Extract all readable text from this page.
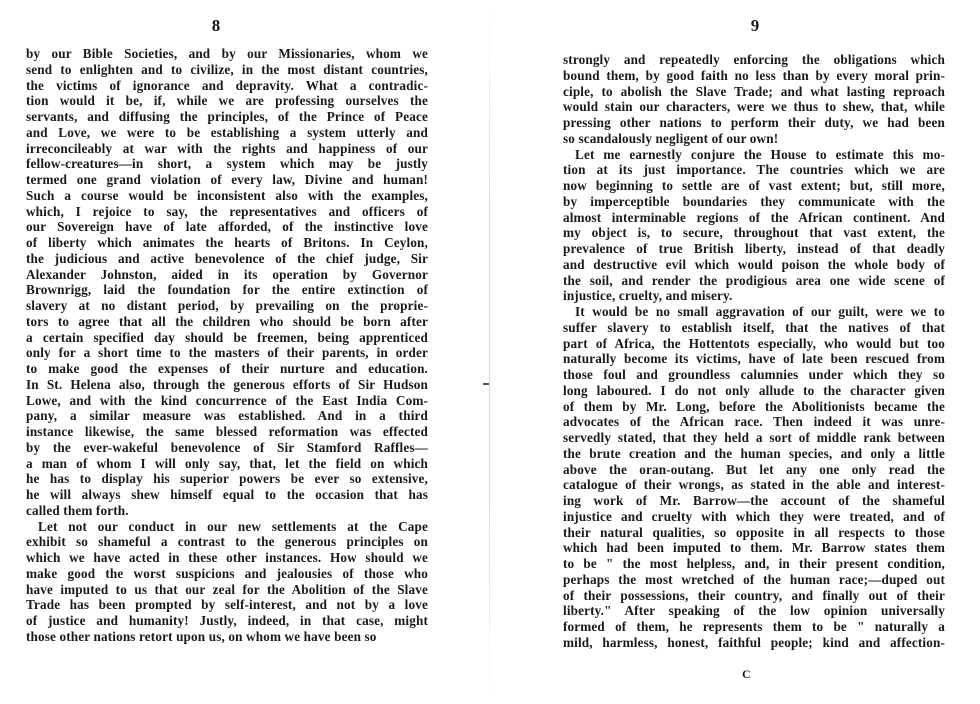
8
by our Bible Societies, and by our Missionaries, whom we
send to enlighten and to civilize, in the most distant countries,
the victims of ignorance and depravity. What a contradic-
tion would it be, if, while we are professing ourselves the
servants, and diffusing the principles, of the Prince of Peace
and Love, we were to be establishing a system utterly and
irreconcileably at war with the rights and happiness of our
fellow-creatures—in short, a system which may be justly
termed one grand violation of every law, Divine and human!
Such a course would be inconsistent also with the examples,
which, I rejoice to say, the representatives and officers of
our Sovereign have of late afforded, of the instinctive love
of liberty which animates the hearts of Britons. In Ceylon,
the judicious and active benevolence of the chief judge, Sir
Alexander Johnston, aided in its operation by Governor
Brownrigg, laid the foundation for the entire extinction of
slavery at no distant period, by prevailing on the proprie-
tors to agree that all the children who should be born after
a certain specified day should be freemen, being apprenticed
only for a short time to the masters of their parents, in order
to make good the expenses of their nurture and education.
In St. Helena also, through the generous efforts of Sir Hudson
Lowe, and with the kind concurrence of the East India Com-
pany, a similar measure was established. And in a third
instance likewise, the same blessed reformation was effected
by the ever-wakeful benevolence of Sir Stamford Raffles—
a man of whom I will only say, that, let the field on which
he has to display his superior powers be ever so extensive,
he will always shew himself equal to the occasion that has
called them forth.
Let not our conduct in our new settlements at the Cape
exhibit so shameful a contrast to the generous principles on
which we have acted in these other instances. How should we
make good the worst suspicions and jealousies of those who
have imputed to us that our zeal for the Abolition of the Slave
Trade has been prompted by self-interest, and not by a love
of justice and humanity! Justly, indeed, in that case, might
those other nations retort upon us, on whom we have been so
9
strongly and repeatedly enforcing the obligations which
bound them, by good faith no less than by every moral prin-
ciple, to abolish the Slave Trade; and what lasting reproach
would stain our characters, were we thus to shew, that, while
pressing other nations to perform their duty, we had been
so scandalously negligent of our own!
Let me earnestly conjure the House to estimate this mo-
tion at its just importance. The countries which we are
now beginning to settle are of vast extent; but, still more,
by imperceptible boundaries they communicate with the
almost interminable regions of the African continent. And
my object is, to secure, throughout that vast extent, the
prevalence of true British liberty, instead of that deadly
and destructive evil which would poison the whole body of
the soil, and render the prodigious area one wide scene of
injustice, cruelty, and misery.
It would be no small aggravation of our guilt, were we to
suffer slavery to establish itself, that the natives of that
part of Africa, the Hottentots especially, who would but too
naturally become its victims, have of late been rescued from
those foul and groundless calumnies under which they so
long laboured. I do not only allude to the character given
of them by Mr. Long, before the Abolitionists became the
advocates of the African race. Then indeed it was unre-
servedly stated, that they held a sort of middle rank between
the brute creation and the human species, and only a little
above the oran-outang. But let any one only read the
catalogue of their wrongs, as stated in the able and interest-
ing work of Mr. Barrow—the account of the shameful
injustice and cruelty with which they were treated, and of
their natural qualities, so opposite in all respects to those
which had been imputed to them. Mr. Barrow states them
to be " the most helpless, and, in their present condition,
perhaps the most wretched of the human race;—duped out
of their possessions, their country, and finally out of their
liberty." After speaking of the low opinion universally
formed of them, he represents them to be " naturally a
mild, harmless, honest, faithful people; kind and affection-
C
